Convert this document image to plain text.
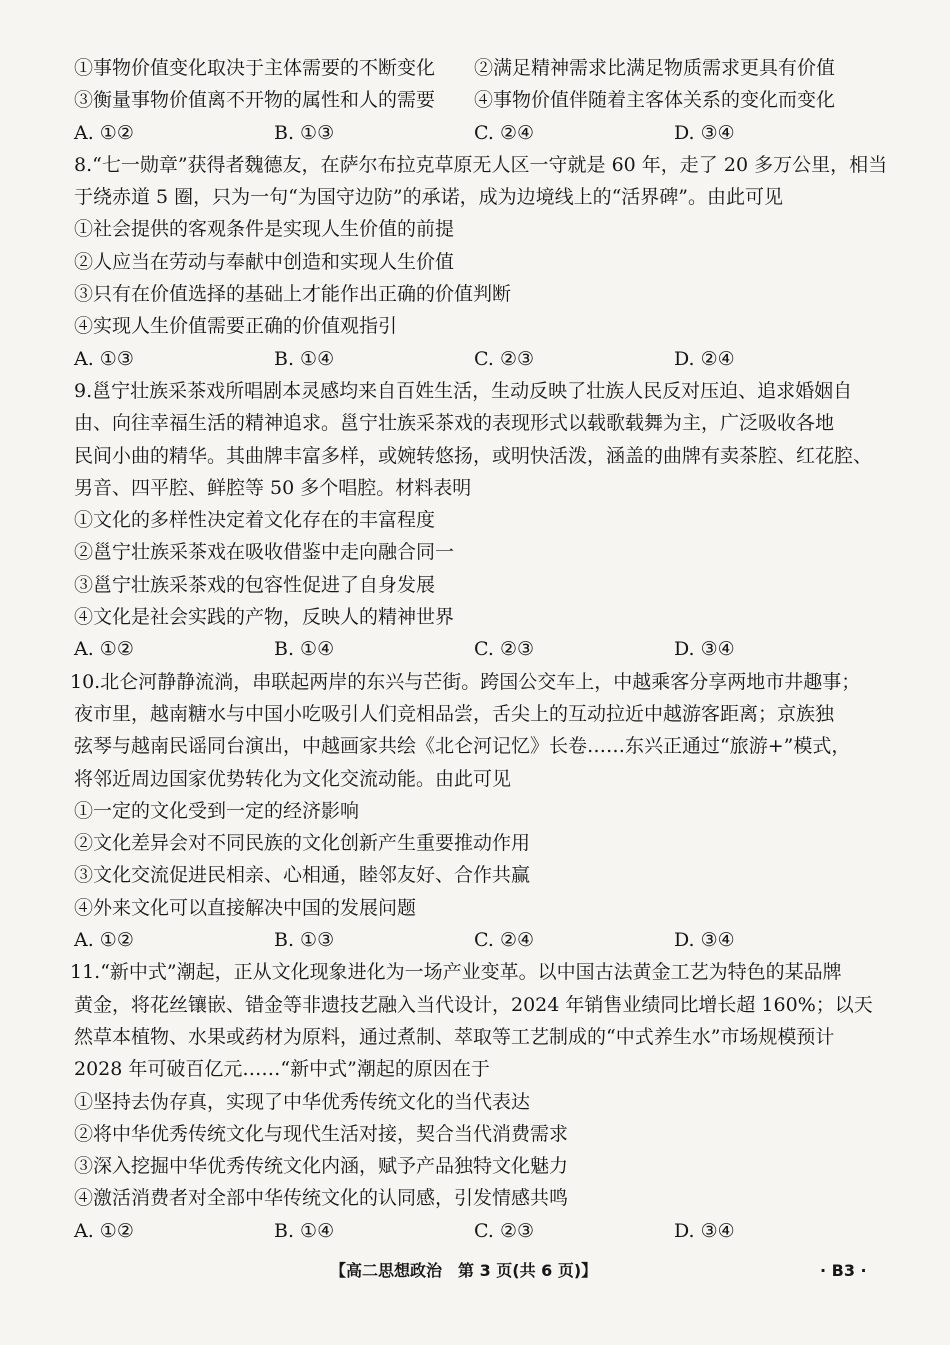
①事物价值变化取决于主体需要的不断变化	②满足精神需求比满足物质需求更具有价值
③衡量事物价值离不开物的属性和人的需要	④事物价值伴随着主客体关系的变化而变化
A. ①②	B. ①③	C. ②④	D. ③④
8.“七一勋章”获得者魏德友，在萨尔布拉克草原无人区一守就是 60 年，走了 20 多万公里，相当
于绕赤道 5 圈，只为一句“为国守边防”的承诺，成为边境线上的“活界碑”。由此可见
①社会提供的客观条件是实现人生价值的前提
②人应当在劳动与奉献中创造和实现人生价值
③只有在价值选择的基础上才能作出正确的价值判断
④实现人生价值需要正确的价值观指引
A. ①③	B. ①④	C. ②③	D. ②④
9.邕宁壮族采茶戏所唱剧本灵感均来自百姓生活，生动反映了壮族人民反对压迫、追求婚姻自
由、向往幸福生活的精神追求。邕宁壮族采茶戏的表现形式以载歌载舞为主，广泛吸收各地
民间小曲的精华。其曲牌丰富多样，或婉转悠扬，或明快活泼，涵盖的曲牌有卖茶腔、红花腔、
男音、四平腔、鲜腔等 50 多个唱腔。材料表明
①文化的多样性决定着文化存在的丰富程度
②邕宁壮族采茶戏在吸收借鉴中走向融合同一
③邕宁壮族采茶戏的包容性促进了自身发展
④文化是社会实践的产物，反映人的精神世界
A. ①②	B. ①④	C. ②③	D. ③④
10.北仑河静静流淌，串联起两岸的东兴与芒街。跨国公交车上，中越乘客分享两地市井趣事；
夜市里，越南糖水与中国小吃吸引人们竞相品尝，舌尖上的互动拉近中越游客距离；京族独
弦琴与越南民谣同台演出，中越画家共绘《北仑河记忆》长卷……东兴正通过“旅游+”模式，
将邻近周边国家优势转化为文化交流动能。由此可见
①一定的文化受到一定的经济影响
②文化差异会对不同民族的文化创新产生重要推动作用
③文化交流促进民相亲、心相通，睦邻友好、合作共赢
④外来文化可以直接解决中国的发展问题
A. ①②	B. ①③	C. ②④	D. ③④
11.“新中式”潮起，正从文化现象进化为一场产业变革。以中国古法黄金工艺为特色的某品牌
黄金，将花丝镶嵌、错金等非遗技艺融入当代设计，2024 年销售业绩同比增长超 160%；以天
然草本植物、水果或药材为原料，通过煮制、萃取等工艺制成的“中式养生水”市场规模预计
2028 年可破百亿元……“新中式”潮起的原因在于
①坚持去伪存真，实现了中华优秀传统文化的当代表达
②将中华优秀传统文化与现代生活对接，契合当代消费需求
③深入挖掘中华优秀传统文化内涵，赋予产品独特文化魅力
④激活消费者对全部中华传统文化的认同感，引发情感共鸣
A. ①②	B. ①④	C. ②③	D. ③④
【高二思想政治　第 3 页(共 6 页)】	· B3 ·
